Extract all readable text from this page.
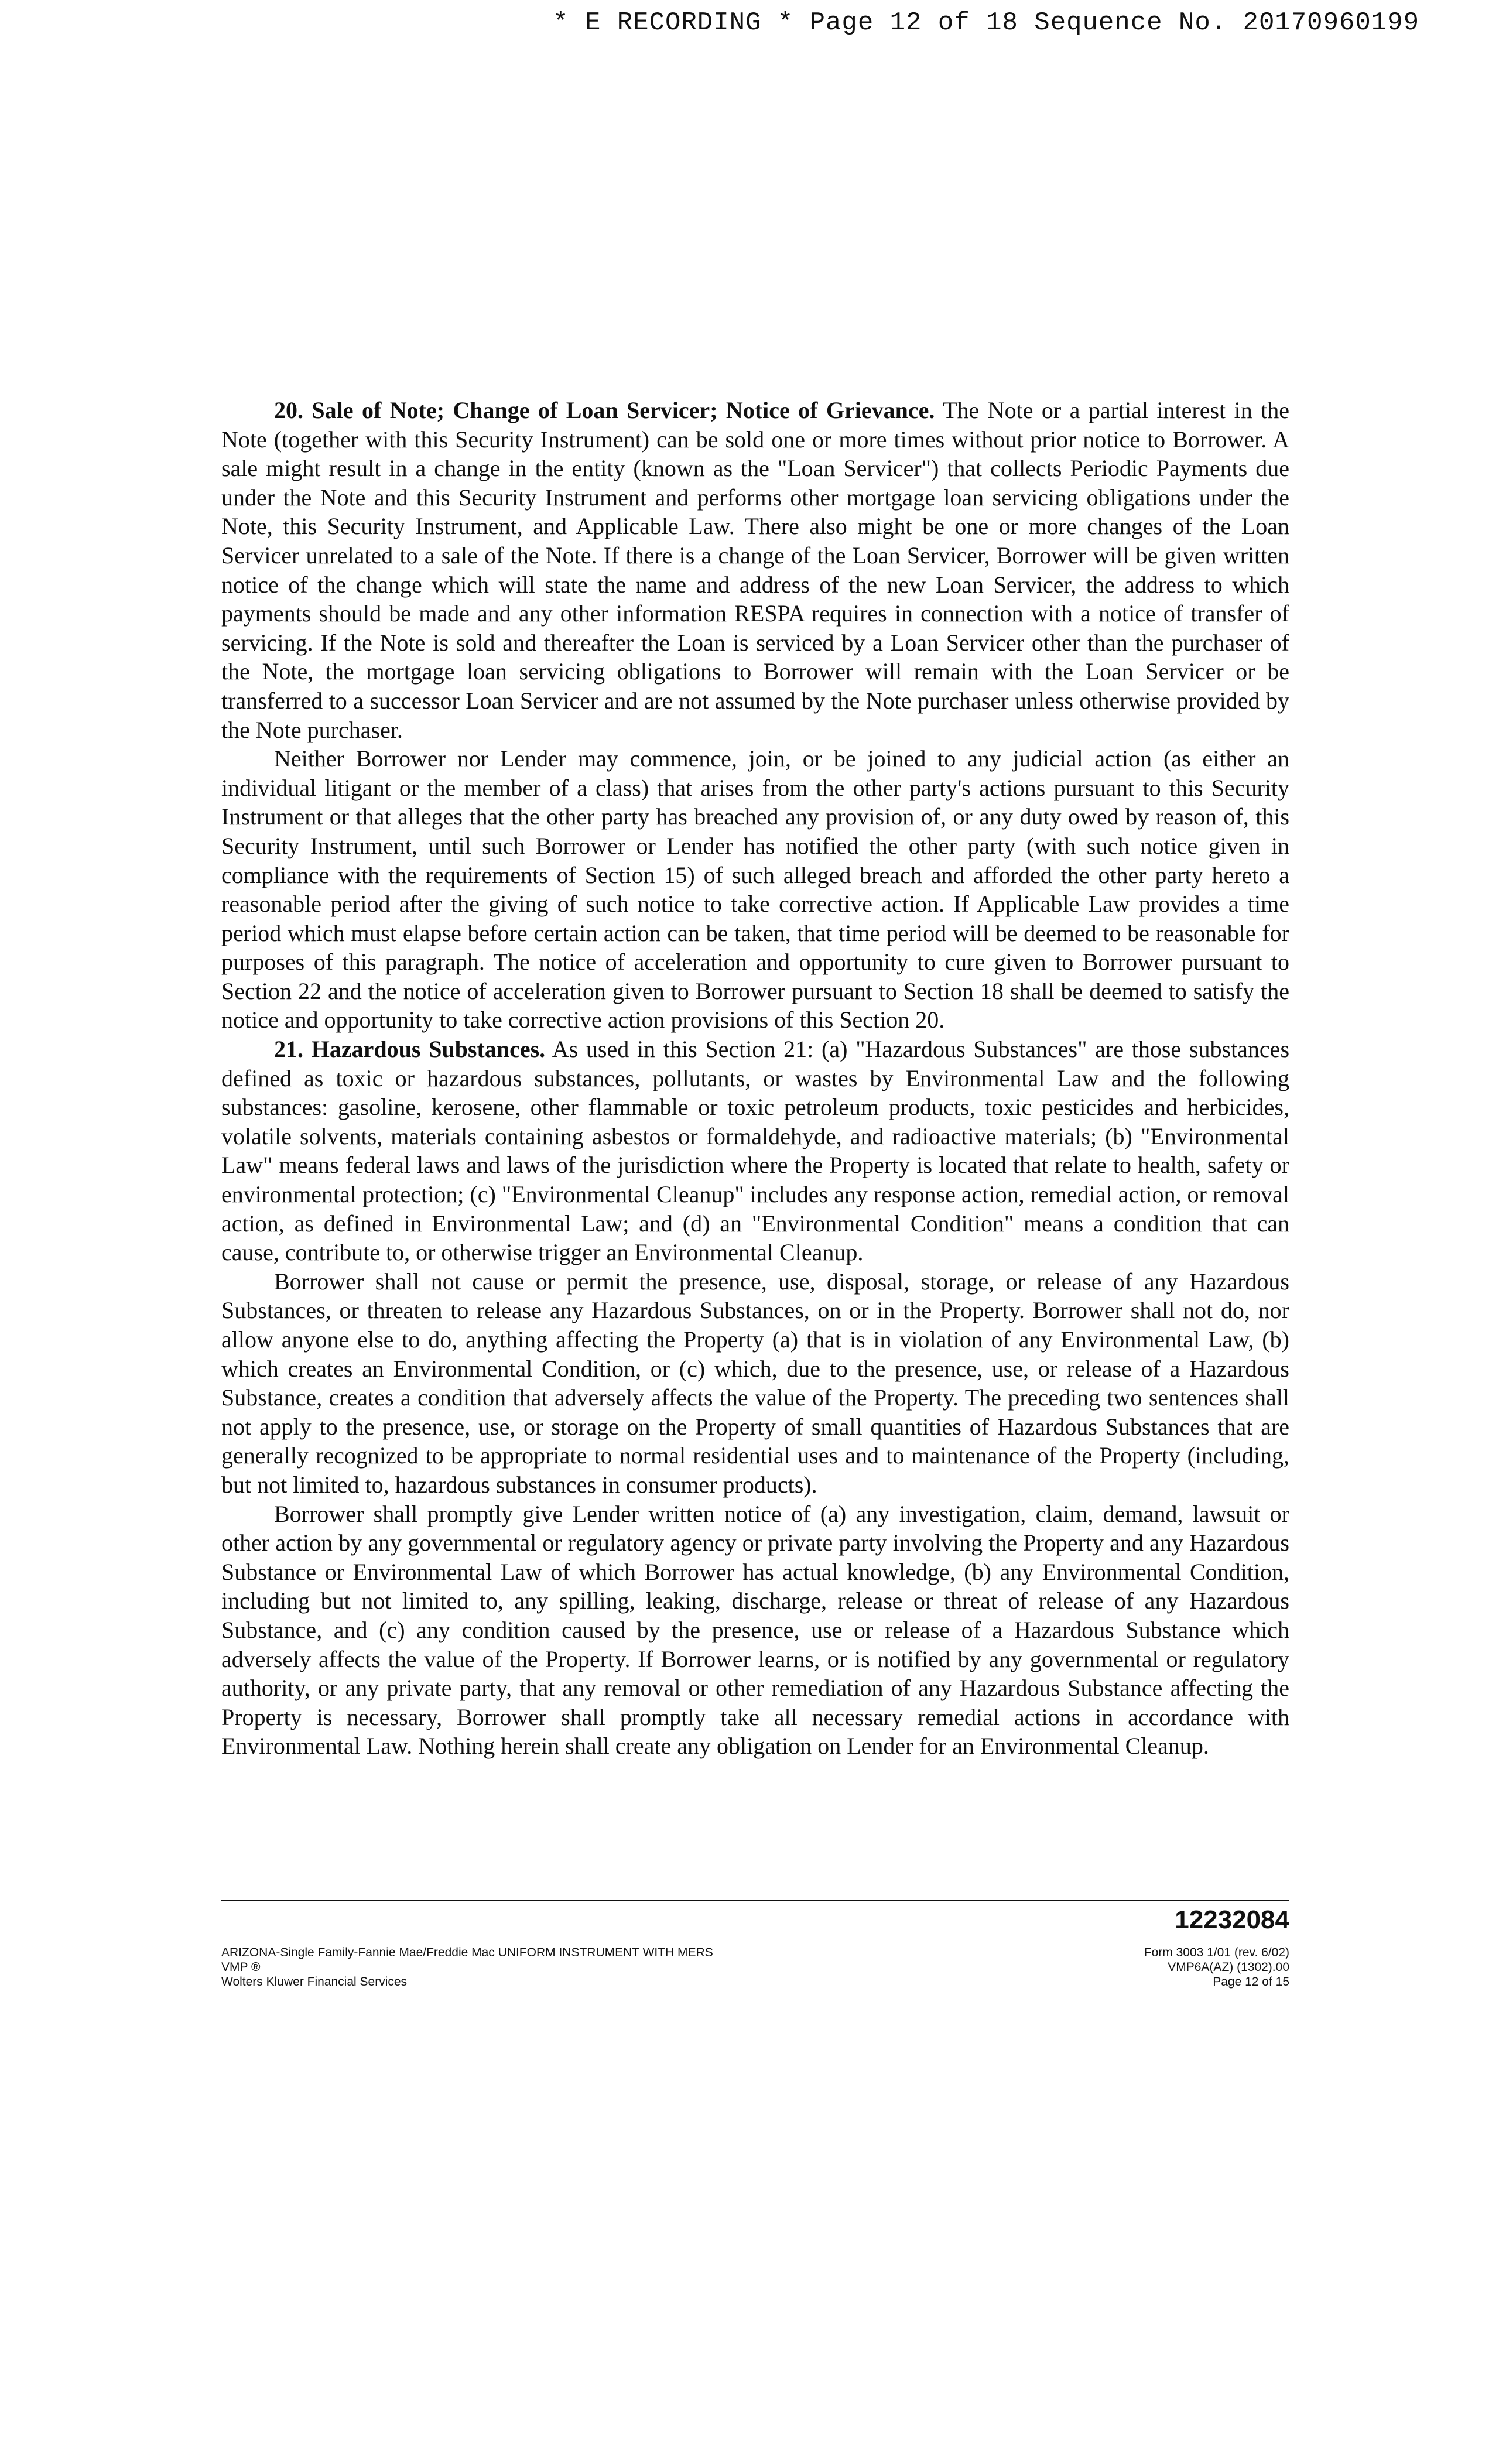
* E RECORDING * Page 12 of 18 Sequence No. 20170960199

20. Sale of Note; Change of Loan Servicer; Notice of Grievance. The Note or a partial interest in the Note (together with this Security Instrument) can be sold one or more times without prior notice to Borrower. A sale might result in a change in the entity (known as the "Loan Servicer") that collects Periodic Payments due under the Note and this Security Instrument and performs other mortgage loan servicing obligations under the Note, this Security Instrument, and Applicable Law. There also might be one or more changes of the Loan Servicer unrelated to a sale of the Note. If there is a change of the Loan Servicer, Borrower will be given written notice of the change which will state the name and address of the new Loan Servicer, the address to which payments should be made and any other information RESPA requires in connection with a notice of transfer of servicing. If the Note is sold and thereafter the Loan is serviced by a Loan Servicer other than the purchaser of the Note, the mortgage loan servicing obligations to Borrower will remain with the Loan Servicer or be transferred to a successor Loan Servicer and are not assumed by the Note purchaser unless otherwise provided by the Note purchaser.

Neither Borrower nor Lender may commence, join, or be joined to any judicial action (as either an individual litigant or the member of a class) that arises from the other party's actions pursuant to this Security Instrument or that alleges that the other party has breached any provision of, or any duty owed by reason of, this Security Instrument, until such Borrower or Lender has notified the other party (with such notice given in compliance with the requirements of Section 15) of such alleged breach and afforded the other party hereto a reasonable period after the giving of such notice to take corrective action. If Applicable Law provides a time period which must elapse before certain action can be taken, that time period will be deemed to be reasonable for purposes of this paragraph. The notice of acceleration and opportunity to cure given to Borrower pursuant to Section 22 and the notice of acceleration given to Borrower pursuant to Section 18 shall be deemed to satisfy the notice and opportunity to take corrective action provisions of this Section 20.

21. Hazardous Substances. As used in this Section 21: (a) "Hazardous Substances" are those substances defined as toxic or hazardous substances, pollutants, or wastes by Environmental Law and the following substances: gasoline, kerosene, other flammable or toxic petroleum products, toxic pesticides and herbicides, volatile solvents, materials containing asbestos or formaldehyde, and radioactive materials; (b) "Environmental Law" means federal laws and laws of the jurisdiction where the Property is located that relate to health, safety or environmental protection; (c) "Environmental Cleanup" includes any response action, remedial action, or removal action, as defined in Environmental Law; and (d) an "Environmental Condition" means a condition that can cause, contribute to, or otherwise trigger an Environmental Cleanup.

Borrower shall not cause or permit the presence, use, disposal, storage, or release of any Hazardous Substances, or threaten to release any Hazardous Substances, on or in the Property. Borrower shall not do, nor allow anyone else to do, anything affecting the Property (a) that is in violation of any Environmental Law, (b) which creates an Environmental Condition, or (c) which, due to the presence, use, or release of a Hazardous Substance, creates a condition that adversely affects the value of the Property. The preceding two sentences shall not apply to the presence, use, or storage on the Property of small quantities of Hazardous Substances that are generally recognized to be appropriate to normal residential uses and to maintenance of the Property (including, but not limited to, hazardous substances in consumer products).

Borrower shall promptly give Lender written notice of (a) any investigation, claim, demand, lawsuit or other action by any governmental or regulatory agency or private party involving the Property and any Hazardous Substance or Environmental Law of which Borrower has actual knowledge, (b) any Environmental Condition, including but not limited to, any spilling, leaking, discharge, release or threat of release of any Hazardous Substance, and (c) any condition caused by the presence, use or release of a Hazardous Substance which adversely affects the value of the Property. If Borrower learns, or is notified by any governmental or regulatory authority, or any private party, that any removal or other remediation of any Hazardous Substance affecting the Property is necessary, Borrower shall promptly take all necessary remedial actions in accordance with Environmental Law. Nothing herein shall create any obligation on Lender for an Environmental Cleanup.

12232084
ARIZONA-Single Family-Fannie Mae/Freddie Mac UNIFORM INSTRUMENT WITH MERS
VMP ®
Wolters Kluwer Financial Services
Form 3003 1/01 (rev. 6/02)
VMP6A(AZ) (1302).00
Page 12 of 15
